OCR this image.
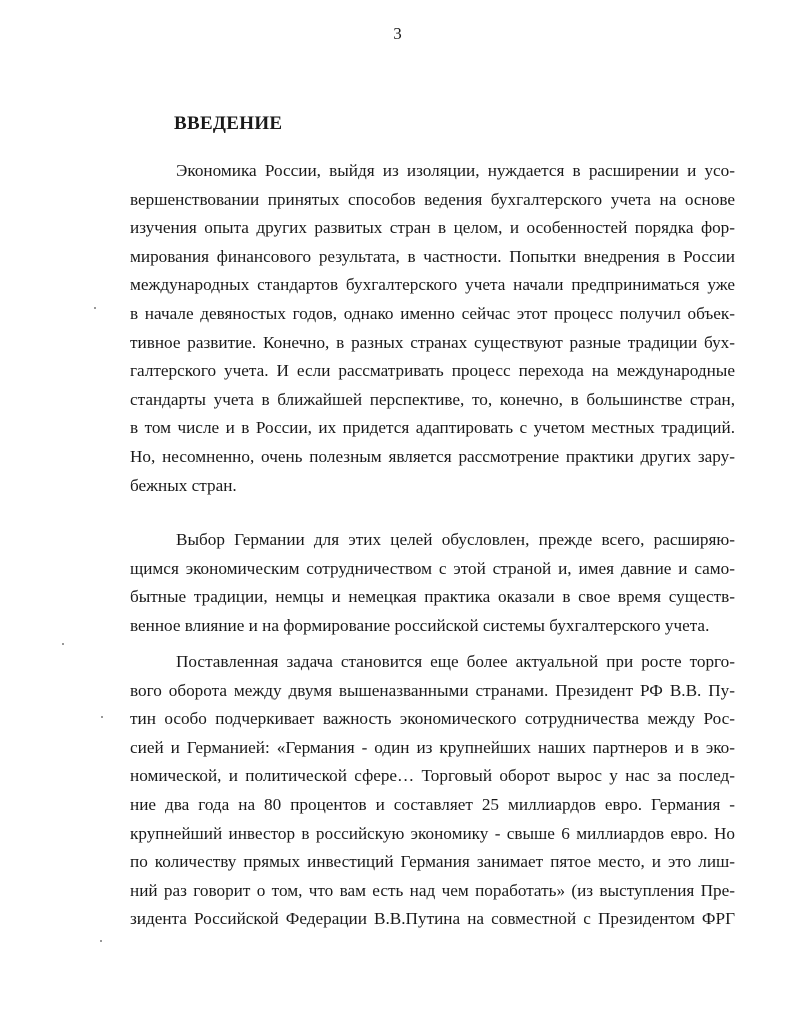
3
ВВЕДЕНИЕ
Экономика России, выйдя из изоляции, нуждается в расширении и усо-
вершенствовании принятых способов ведения бухгалтерского учета на основе
изучения опыта других развитых стран в целом, и особенностей порядка фор-
мирования финансового результата, в частности. Попытки внедрения в России
международных стандартов бухгалтерского учета начали предприниматься уже
в начале девяностых годов, однако именно сейчас этот процесс получил объек-
тивное развитие. Конечно, в разных странах существуют разные традиции бух-
галтерского учета. И если рассматривать процесс перехода на международные
стандарты учета в ближайшей перспективе, то, конечно, в большинстве стран,
в том числе и в России, их придется адаптировать с учетом местных традиций.
Но, несомненно, очень полезным является рассмотрение практики других зару-
бежных стран.
Выбор Германии для этих целей обусловлен, прежде всего, расширяю-
щимся экономическим сотрудничеством с этой страной и, имея давние и само-
бытные традиции, немцы и немецкая практика оказали в свое время существ-
венное влияние и на формирование российской системы бухгалтерского учета.
Поставленная задача становится еще более актуальной при росте торго-
вого оборота между двумя вышеназванными странами. Президент РФ В.В. Пу-
тин особо подчеркивает важность экономического сотрудничества между Рос-
сией и Германией: «Германия - один из крупнейших наших партнеров и в эко-
номической, и политической сфере… Торговый оборот вырос у нас за послед-
ние два года на 80 процентов и составляет 25 миллиардов евро. Германия -
крупнейший инвестор в российскую экономику - свыше 6 миллиардов евро. Но
по количеству прямых инвестиций Германия занимает пятое место, и это лиш-
ний раз говорит о том, что вам есть над чем поработать» (из выступления Пре-
зидента Российской Федерации В.В.Путина на совместной с Президентом ФРГ
